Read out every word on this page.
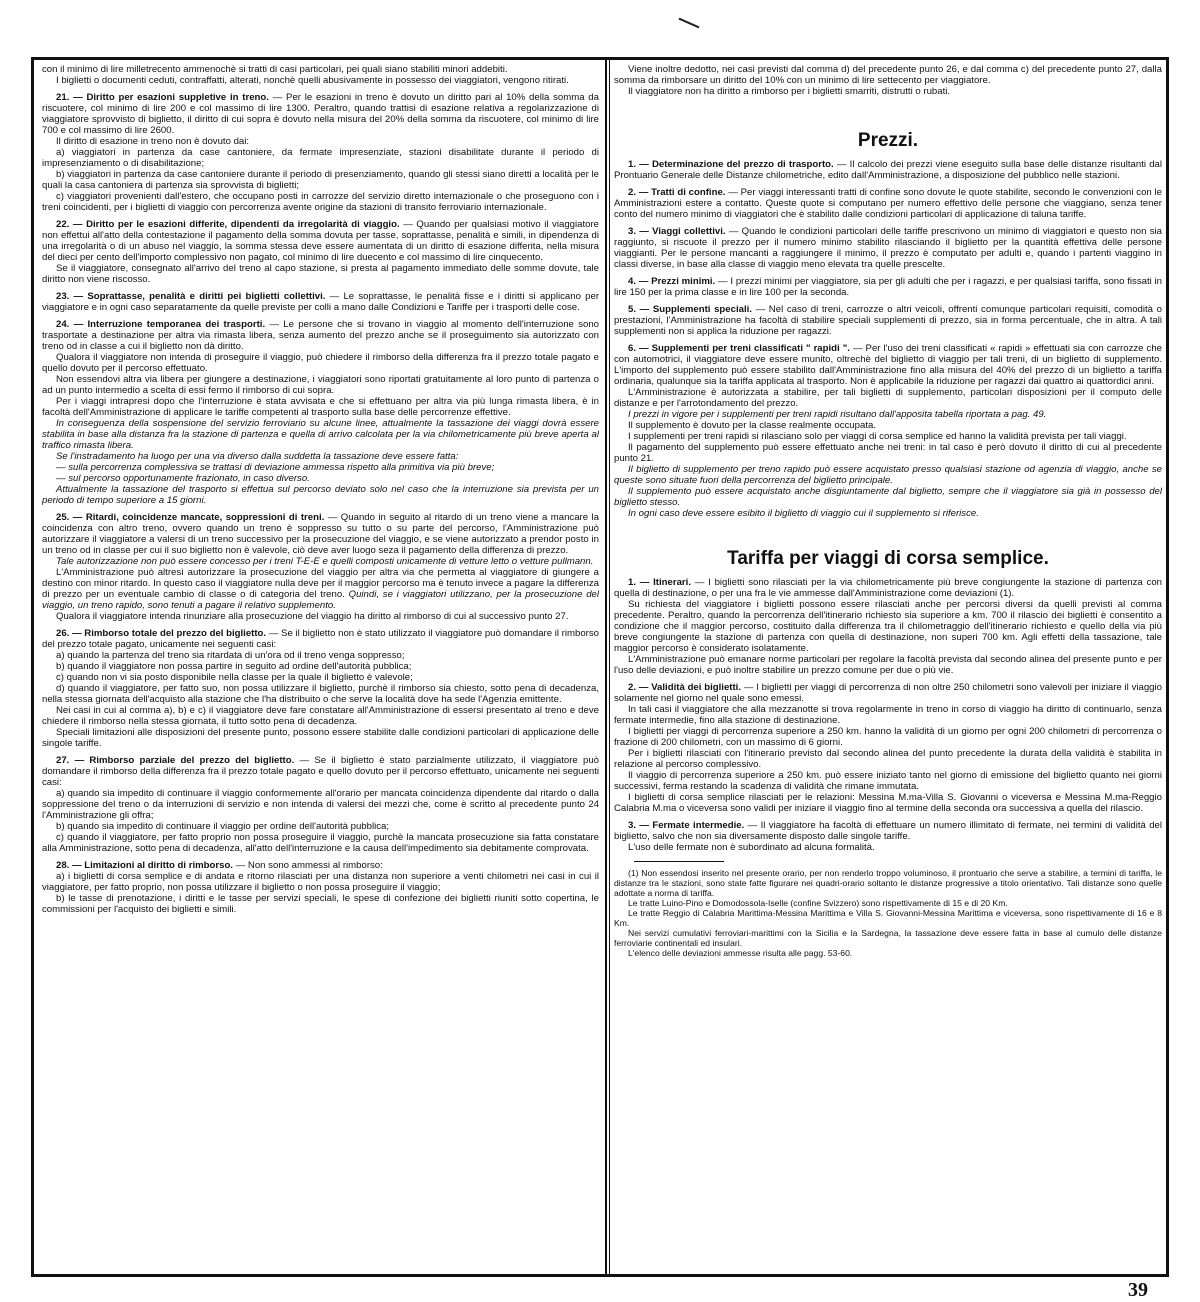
con il minimo di lire milletrecento ammenochè si tratti di casi particolari, pei quali siano stabiliti minori addebiti.

I biglietti o documenti ceduti, contraffatti, alterati, nonchè quelli abusivamente in possesso dei viaggiatori, vengono ritirati.

21. — Diritto per esazioni suppletive in treno. — Per le esazioni in treno è dovuto un diritto pari al 10% della somma da riscuotere, col minimo di lire 200 e col massimo di lire 1300. Peraltro, quando trattisi di esazione relativa a regolarizzazione di viaggiatore sprovvisto di biglietto, il diritto di cui sopra è dovuto nella misura del 20% della somma da riscuotere, col minimo di lire 700 e col massimo di lire 2600.

Il diritto di esazione in treno non è dovuto dai:

a) viaggiatori in partenza da case cantoniere, da fermate impresenziate, stazioni disabilitate durante il periodo di impresenziamento o di disabilitazione;

b) viaggiatori in partenza da case cantoniere durante il periodo di presenziamento, quando gli stessi siano diretti a località per le quali la casa cantoniera di partenza sia sprovvista di biglietti;

c) viaggiatori provenienti dall'estero, che occupano posti in carrozze del servizio diretto internazionale o che proseguono con i treni coincidenti, per i biglietti di viaggio con percorrenza avente origine da stazioni di transito ferroviario internazionale.

22. — Diritto per le esazioni differite, dipendenti da irregolarità di viaggio. — Quando per qualsiasi motivo il viaggiatore non effettui all'atto della contestazione il pagamento della somma dovuta per tasse, soprattasse, penalità e simili, in dipendenza di una irregolarità o di un abuso nel viaggio, la somma stessa deve essere aumentata di un diritto di esazione differita, nella misura del dieci per cento dell'importo complessivo non pagato, col minimo di lire duecento e col massimo di lire cinquecento.

Se il viaggiatore, consegnato all'arrivo del treno al capo stazione, si presta al pagamento immediato delle somme dovute, tale diritto non viene riscosso.

23. — Soprattasse, penalità e diritti pei biglietti collettivi. — Le soprattasse, le penalità fisse e i diritti si applicano per viaggiatore e in ogni caso separatamente da quelle previste per colli a mano dalle Condizioni e Tariffe per i trasporti delle cose.

24. — Interruzione temporanea dei trasporti. — Le persone che si trovano in viaggio al momento dell'interruzione sono trasportate a destinazione per altra via rimasta libera, senza aumento del prezzo anche se il proseguimento sia autorizzato con treno od in classe a cui il biglietto non dà diritto.

Qualora il viaggiatore non intenda di proseguire il viaggio, può chiedere il rimborso della differenza fra il prezzo totale pagato e quello dovuto per il percorso effettuato.

Non essendovi altra via libera per giungere a destinazione, i viaggiatori sono riportati gratuitamente al loro punto di partenza o ad un punto intermedio a scelta di essi fermo il rimborso di cui sopra.

Per i viaggi intrapresi dopo che l'interruzione è stata avvisata e che si effettuano per altra via più lunga rimasta libera, è in facoltà dell'Amministrazione di applicare le tariffe competenti al trasporto sulla base delle percorrenze effettive.

In conseguenza della sospensione del servizio ferroviario su alcune linee, attualmente la tassazione dei viaggi dovrà essere stabilita in base alla distanza fra la stazione di partenza e quella di arrivo calcolata per la via chilometricamente più breve aperta al traffico rimasta libera.

Se l'instradamento ha luogo per una via diverso dalla suddetta la tassazione deve essere fatta:

— sulla percorrenza complessiva se trattasi di deviazione ammessa rispetto alla primitiva via più breve;

— sul percorso opportunamente frazionato, in caso diverso.

Attualmente la tassazione del trasporto si effettua sul percorso deviato solo nel caso che la interruzione sia prevista per un periodo di tempo superiore a 15 giorni.

25. — Ritardi, coincidenze mancate, soppressioni di treni. — Quando in seguito al ritardo di un treno viene a mancare la coincidenza con altro treno, ovvero quando un treno è soppresso su tutto o su parte del percorso, l'Amministrazione può autorizzare il viaggiatore a valersi di un treno successivo per la prosecuzione del viaggio, e se viene autorizzato a prendor posto in un treno od in classe per cui il suo biglietto non è valevole, ciò deve aver luogo seza il pagamento della differenza di prezzo.

Tale autorizzazione non può essere concesso per i treni T-E-E e quelli composti unicamente di vetture letto o vetture pullmann.

L'Amministrazione può altresì autorizzare la prosecuzione del viaggio per altra via che permetta al viaggiatore di giungere a destino con minor ritardo. In questo caso il viaggiatore nulla deve per il maggior percorso ma è tenuto invece a pagare la differenza di prezzo per un eventuale cambio di classe o di categoria del treno. Quindi, se i viaggiatori utilizzano, per la prosecuzione del viaggio, un treno rapido, sono tenuti a pagare il relativo supplemento.

Qualora il viaggiatore intenda rinunziare alla prosecuzione del viaggio ha diritto al rimborso di cui al successivo punto 27.

26. — Rimborso totale del prezzo del biglietto. — Se il biglietto non è stato utilizzato il viaggiatore può domandare il rimborso del prezzo totale pagato, unicamente nei seguenti casi:

a) quando la partenza del treno sia ritardata di un'ora od il treno venga soppresso;

b) quando il viaggiatore non possa partire in seguito ad ordine dell'autorità pubblica;

c) quando non vi sia posto disponibile nella classe per la quale il biglietto è valevole;

d) quando il viaggiatore, per fatto suo, non possa utilizzare il biglietto, purchè il rimborso sia chiesto, sotto pena di decadenza, nella stessa giornata dell'acquisto alla stazione che l'ha distribuito o che serve la località dove ha sede l'Agenzia emittente.

Nei casi in cui al comma a), b) e c) il viaggiatore deve fare constatare all'Amministrazione di essersi presentato al treno e deve chiedere il rimborso nella stessa giornata, il tutto sotto pena di decadenza.

Speciali limitazioni alle disposizioni del presente punto, possono essere stabilite dalle condizioni particolari di applicazione delle singole tariffe.

27. — Rimborso parziale del prezzo del biglietto. — Se il biglietto è stato parzialmente utilizzato, il viaggiatore può domandare il rimborso della differenza fra il prezzo totale pagato e quello dovuto per il percorso effettuato, unicamente nei seguenti casi:

a) quando sia impedito di continuare il viaggio conformemente all'orario per mancata coincidenza dipendente dal ritardo o dalla soppressione del treno o da interruzioni di servizio e non intenda di valersi dei mezzi che, come è scritto al precedente punto 24 l'Amministrazione gli offra;

b) quando sia impedito di continuare il viaggio per ordine dell'autorità pubblica;

c) quando il viaggiatore, per fatto proprio non possa proseguire il viaggio, purchè la mancata prosecuzione sia fatta constatare alla Amministrazione, sotto pena di decadenza, all'atto dell'interruzione e la causa dell'impedimento sia debitamente comprovata.

28. — Limitazioni al diritto di rimborso. — Non sono ammessi al rimborso:

a) i biglietti di corsa semplice e di andata e ritorno rilasciati per una distanza non superiore a venti chilometri nei casi in cui il viaggiatore, per fatto proprio, non possa utilizzare il biglietto o non possa proseguire il viaggio;

b) le tasse di prenotazione, i diritti e le tasse per servizi speciali, le spese di confezione dei biglietti riuniti sotto copertina, le commissioni per l'acquisto dei biglietti e simili.

Viene inoltre dedotto, nei casi previsti dal comma d) del precedente punto 26, e dal comma c) del precedente punto 27, dalla somma da rimborsare un diritto del 10% con un minimo di lire settecento per viaggiatore.

Il viaggiatore non ha diritto a rimborso per i biglietti smarriti, distrutti o rubati.

Prezzi.

1. — Determinazione del prezzo di trasporto. — Il calcolo dei prezzi viene eseguito sulla base delle distanze risultanti dal Prontuario Generale delle Distanze chilometriche, edito dall'Amministrazione, a disposizione del pubblico nelle stazioni.

2. — Tratti di confine. — Per viaggi interessanti tratti di confine sono dovute le quote stabilite, secondo le convenzioni con le Amministrazioni estere a contatto. Queste quote si computano per numero effettivo delle persone che viaggiano, senza tener conto del numero minimo di viaggiatori che è stabilito dalle condizioni particolari di applicazione di taluna tariffe.

3. — Viaggi collettivi. — Quando le condizioni particolari delle tariffe prescrivono un minimo di viaggiatori e questo non sia raggiunto, si riscuote il prezzo per il numero minimo stabilito rilasciando il biglietto per la quantità effettiva delle persone viaggianti. Per le persone mancanti a raggiungere il minimo, il prezzo è computato per adulti e, quando i partenti viaggino in classi diverse, in base alla classe di viaggio meno elevata tra quelle prescelte.

4. — Prezzi minimi. — I prezzi minimi per viaggiatore, sia per gli adulti che per i ragazzi, e per qualsiasi tariffa, sono fissati in lire 150 per la prima classe e in lire 100 per la seconda.

5. — Supplementi speciali. — Nel caso di treni, carrozze o altri veicoli, offrenti comunque particolari requisiti, comodità o prestazioni, l'Amministrazione ha facoltà di stabilire speciali supplementi di prezzo, sia in forma percentuale, che in altra. A tali supplementi non si applica la riduzione per ragazzi.

6. — Supplementi per treni classificati " rapidi ". — Per l'uso dei treni classificati « rapidi » effettuati sia con carrozze che con automotrici, il viaggiatore deve essere munito, oltrechè del biglietto di viaggio per tali treni, di un biglietto di supplemento. L'importo del supplemento può essere stabilito dall'Amministrazione fino alla misura del 40% del prezzo di un biglietto a tariffa ordinaria, qualunque sia la tariffa applicata al trasporto. Non è applicabile la riduzione per ragazzi dai quattro ai quattordici anni.

L'Amministrazione è autorizzata a stabilire, per tali biglietti di supplemento, particolari disposizioni per il computo delle distanze e per l'arrotondamento del prezzo.

I prezzi in vigore per i supplementi per treni rapidi risultano dall'apposita tabella riportata a pag. 49.

Il supplemento è dovuto per la classe realmente occupata.

I supplementi per treni rapidi si rilasciano solo per viaggi di corsa semplice ed hanno la validità prevista per tali viaggi.

Il pagamento del supplemento può essere effettuato anche nei treni: in tal caso è però dovuto il diritto di cui al precedente punto 21.

Il biglietto di supplemento per treno rapido può essere acquistato presso qualsiasi stazione od agenzia di viaggio, anche se queste sono situate fuori della percorrenza del biglietto principale.

Il supplemento può essere acquistato anche disgiuntamente dal biglietto, sempre che il viaggiatore sia già in possesso del biglietto stesso.

In ogni caso deve essere esibito il biglietto di viaggio cui il supplemento si riferisce.

Tariffa per viaggi di corsa semplice.

1. — Itinerari. — I biglietti sono rilasciati per la via chilometricamente più breve congiungente la stazione di partenza con quella di destinazione, o per una fra le vie ammesse dall'Amministrazione come deviazioni (1).

Su richiesta del viaggiatore i biglietti possono essere rilasciati anche per percorsi diversi da quelli previsti al comma precedente. Peraltro, quando la percorrenza dell'itinerario richiesto sia superiore a km. 700 il rilascio dei biglietti è consentito a condizione che il maggior percorso, costituito dalla differenza tra il chilometraggio dell'itinerario richiesto e quello della via più breve congiungente la stazione di partenza con quella di destinazione, non superi 700 km. Agli effetti della tassazione, tale maggior percorso è considerato isolatamente.

L'Amministrazione può emanare norme particolari per regolare la facoltà prevista dal secondo alinea del presente punto e per l'uso delle deviazioni, e può inoltre stabilire un prezzo comune per due o più vie.

2. — Validità dei biglietti. — I biglietti per viaggi di percorrenza di non oltre 250 chilometri sono valevoli per iniziare il viaggio solamente nel giorno nel quale sono emessi.

In tali casi il viaggiatore che alla mezzanotte si trova regolarmente in treno in corso di viaggio ha diritto di continuarlo, senza fermate intermedie, fino alla stazione di destinazione.

I biglietti per viaggi di percorrenza superiore a 250 km. hanno la validità di un giorno per ogni 200 chilometri di percorrenza o frazione di 200 chilometri, con un massimo di 6 giorni.

Per i biglietti rilasciati con l'itinerario previsto dal secondo alinea del punto precedente la durata della validità è stabilita in relazione al percorso complessivo.

Il viaggio di percorrenza superiore a 250 km. può essere iniziato tanto nel giorno di emissione del biglietto quanto nei giorni successivi, ferma restando la scadenza di validità che rimane immutata.

I biglietti di corsa semplice rilasciati per le relazioni: Messina M.ma-Villa S. Giovanni o viceversa e Messina M.ma-Reggio Calabria M.ma o viceversa sono validi per iniziare il viaggio fino al termine della seconda ora successiva a quella del rilascio.

3. — Fermate intermedie. — Il viaggiatore ha facoltà di effettuare un numero illimitato di fermate, nei termini di validità del biglietto, salvo che non sia diversamente disposto dalle singole tariffe.

L'uso delle fermate non è subordinato ad alcuna formalità.

(1) Non essendosi inserito nel presente orario, per non renderlo troppo voluminoso, il prontuario che serve a stabilire, a termini di tariffa, le distanze tra le stazioni, sono state fatte figurare nei quadri-orario soltanto le distanze progressive a titolo orientativo. Tali distanze sono quelle adottate a norma di tariffa.

Le tratte Luino-Pino e Domodossola-Iselle (confine Svizzero) sono rispettivamente di 15 e di 20 Km.

Le tratte Reggio di Calabria Marittima-Messina Marittima e Villa S. Giovanni-Messina Marittima e viceversa, sono rispettivamente di 16 e 8 Km.

Nei servizi cumulativi ferroviari-marittimi con la Sicilia e la Sardegna, la tassazione deve essere fatta in base al cumulo delle distanze ferroviarie continentali ed insulari.

L'elenco delle deviazioni ammesse risulta alle pagg. 53-60.

39
